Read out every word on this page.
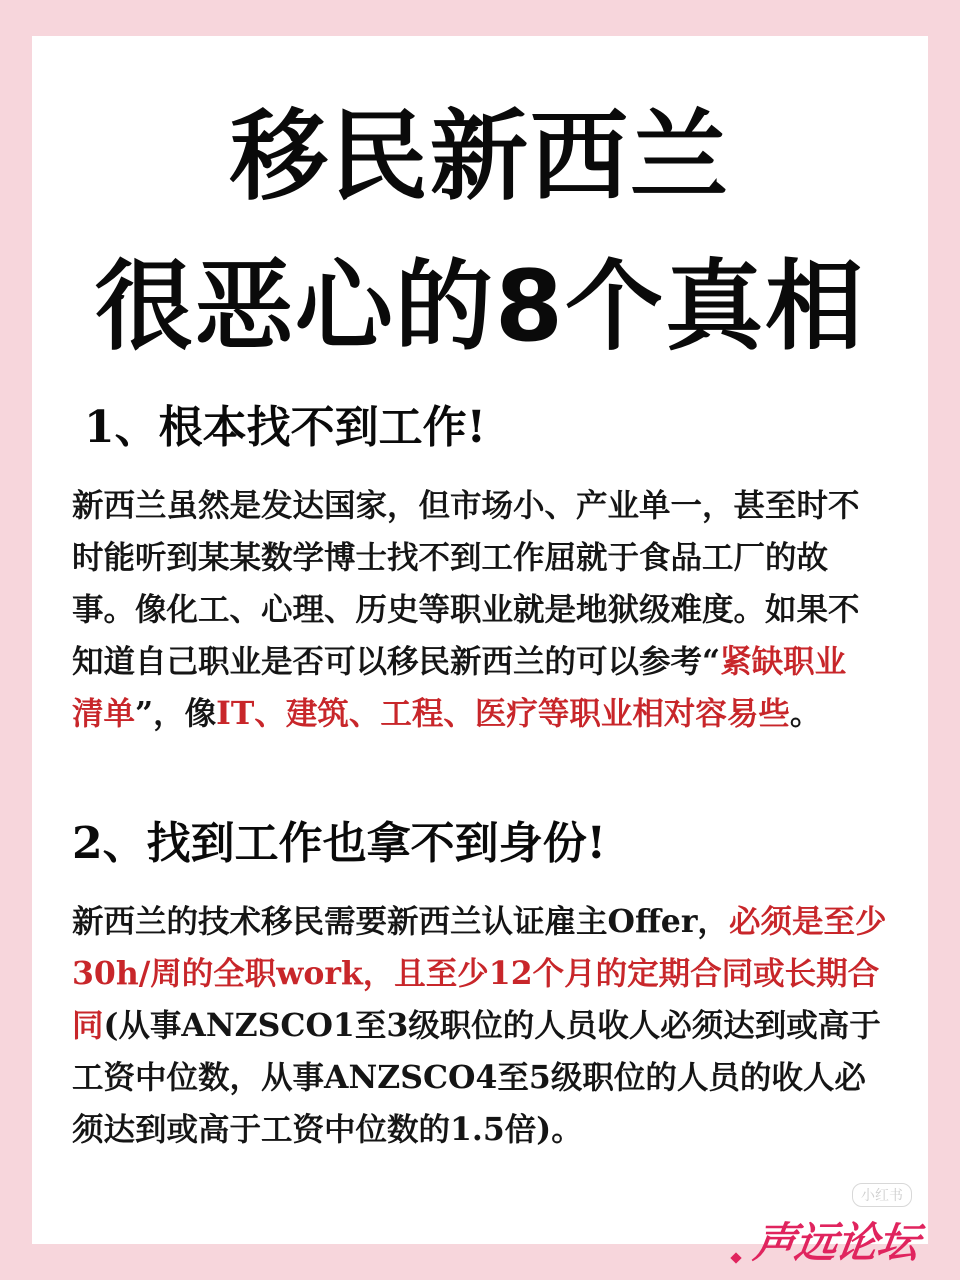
移民新西兰
很恶心的8个真相
1、根本找不到工作!
新西兰虽然是发达国家，但市场小、产业单一，甚至时不时能听到某某数学博士找不到工作屈就于食品工厂的故事。像化工、心理、历史等职业就是地狱级难度。如果不知道自己职业是否可以移民新西兰的可以参考“紧缺职业清单”，像IT、建筑、工程、医疗等职业相对容易些。
2、找到工作也拿不到身份!
新西兰的技术移民需要新西兰认证雇主Offer，必须是至少30h/周的全职work，且至少12个月的定期合同或长期合同(从事ANZSCO1至3级职位的人员收人必须达到或高于工资中位数，从事ANZSCO4至5级职位的人员的收人必须达到或高于工资中位数的1.5倍)。
小红书
声远论坛
